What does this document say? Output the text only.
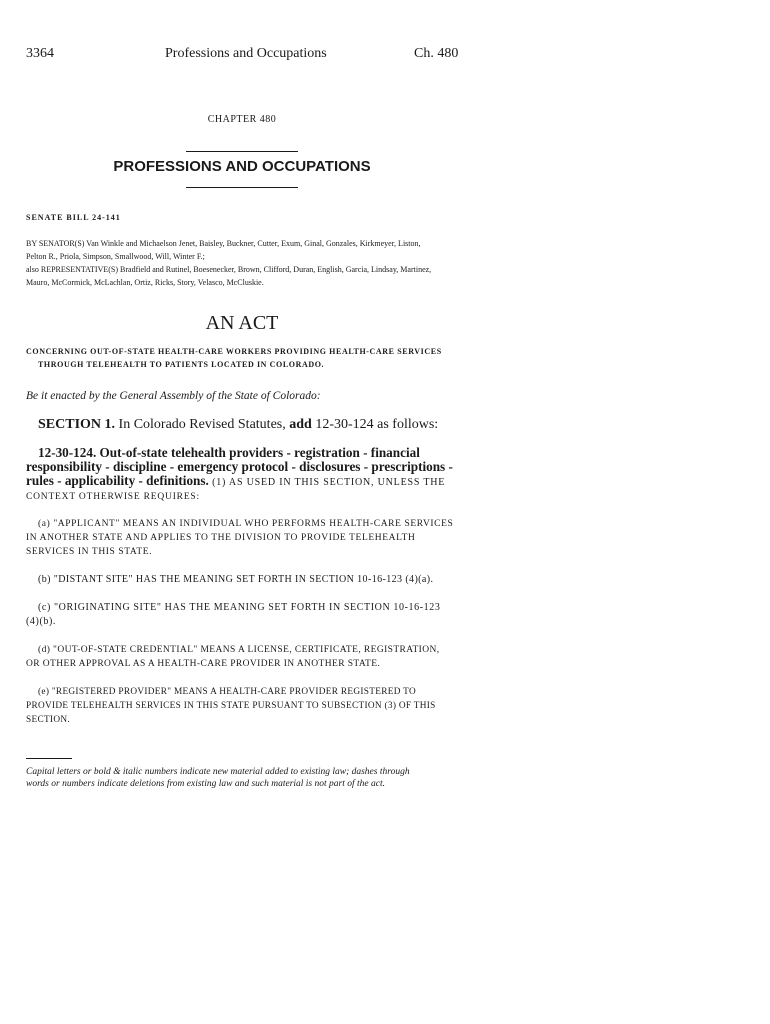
3364	Professions and Occupations	Ch. 480
CHAPTER 480
PROFESSIONS AND OCCUPATIONS
SENATE BILL 24-141
BY SENATOR(S) Van Winkle and Michaelson Jenet, Baisley, Buckner, Cutter, Exum, Ginal, Gonzales, Kirkmeyer, Liston,
Pelton R., Priola, Simpson, Smallwood, Will, Winter F.;
also REPRESENTATIVE(S) Bradfield and Rutinel, Boesenecker, Brown, Clifford, Duran, English, Garcia, Lindsay, Martinez,
Mauro, McCormick, McLachlan, Ortiz, Ricks, Story, Velasco, McCluskie.
AN ACT
CONCERNING OUT-OF-STATE HEALTH-CARE WORKERS PROVIDING HEALTH-CARE SERVICES
THROUGH TELEHEALTH TO PATIENTS LOCATED IN COLORADO.
Be it enacted by the General Assembly of the State of Colorado:
SECTION 1. In Colorado Revised Statutes, add 12-30-124 as follows:
12-30-124. Out-of-state telehealth providers - registration - financial
responsibility - discipline - emergency protocol - disclosures - prescriptions -
rules - applicability - definitions. (1) AS USED IN THIS SECTION, UNLESS THE
CONTEXT OTHERWISE REQUIRES:
(a) "APPLICANT" MEANS AN INDIVIDUAL WHO PERFORMS HEALTH-CARE SERVICES
IN ANOTHER STATE AND APPLIES TO THE DIVISION TO PROVIDE TELEHEALTH
SERVICES IN THIS STATE.
(b) "DISTANT SITE" HAS THE MEANING SET FORTH IN SECTION 10-16-123 (4)(a).
(c) "ORIGINATING SITE" HAS THE MEANING SET FORTH IN SECTION 10-16-123
(4)(b).
(d) "OUT-OF-STATE CREDENTIAL" MEANS A LICENSE, CERTIFICATE, REGISTRATION,
OR OTHER APPROVAL AS A HEALTH-CARE PROVIDER IN ANOTHER STATE.
(e) "REGISTERED PROVIDER" MEANS A HEALTH-CARE PROVIDER REGISTERED TO
PROVIDE TELEHEALTH SERVICES IN THIS STATE PURSUANT TO SUBSECTION (3) OF THIS
SECTION.
Capital letters or bold & italic numbers indicate new material added to existing law; dashes through
words or numbers indicate deletions from existing law and such material is not part of the act.
